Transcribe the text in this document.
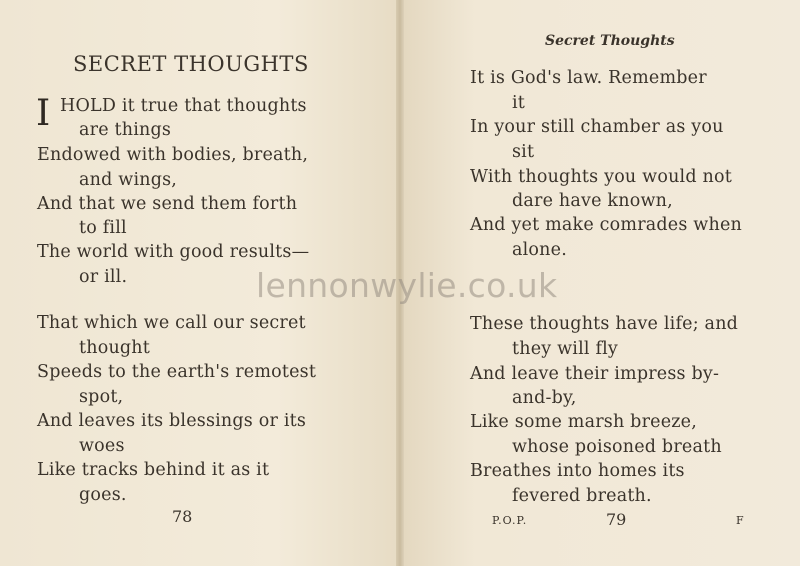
SECRET THOUGHTS
I HOLD it true that thoughts
are things
Endowed with bodies, breath,
and wings,
And that we send them forth
to fill
The world with good results—
or ill.
That which we call our secret
thought
Speeds to the earth's remotest
spot,
And leaves its blessings or its
woes
Like tracks behind it as it
goes.
78
Secret Thoughts
It is God's law. Remember
it
In your still chamber as you
sit
With thoughts you would not
dare have known,
And yet make comrades when
alone.
These thoughts have life; and
they will fly
And leave their impress by-
and-by,
Like some marsh breeze,
whose poisoned breath
Breathes into homes its
fevered breath.
P.O.P.	79	F
lennonwylie.co.uk
